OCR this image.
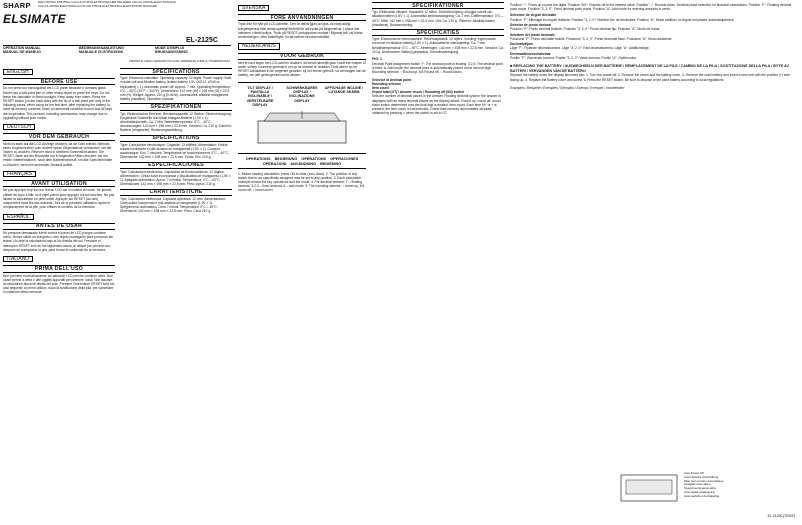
SHARP ELECTRONIC PRINTING CALCULATOR ELEKTRONISCHER RECHNER CALCULATRICE ELECTRONIQUE
CALCULADORA ELECTRÓNICA CALCOLATRICE ELETTRONICA ELEKTRONISK RÄKNARE
ELSIMATE
EL-2125C
OPERATION MANUAL	BEDIENUNGSANLEITUNG	MODE D'EMPLOI
MANUAL DE MANEJO	MANUALE DI ISTRUZIONI	BRUKSANVISNING
PRINTED IN CHINA / GEDRUCKT IN CHINA / IMPRIMÉ EN CHINE (1) TINSEB0000THZZ
ENGLISH
BEFORE USE

Do not press too hard against the LCD panel because it contains glass. Never use a ball-point pen or other sharp object to press the keys. Do not leave the calculator in direct sunlight. Keep away from water. Press the RESET switch (on the back side) with the tip of a ball-point pen only in the following cases: when using for the first time, after replacing the battery, to clear all memory contents, when an abnormal condition occurs and all keys are inoperative. This product, including accessories, may change due to upgrading without prior notice.

DEUTSCH
VOR DEM GEBRAUCH

Nicht zu stark auf die LCD-Anzeige drücken, da sie Glas enthält. Niemals einen Kugelschreiber oder andere spitze Gegenstände verwenden, um die Tasten zu drücken. Rechner nicht in direktem Sonnenlicht lassen. Die RESET-Taste auf der Rückseite nur in folgenden Fällen drücken: bei der ersten Inbetriebnahme, nach dem Batteriewechsel, um alle Speicherinhalte zu löschen, wenn ein anormaler Zustand auftritt.

FRANÇAIS
AVANT UTILISATION

Ne pas appuyer trop fort sur l'écran LCD car il contient du verre. Ne jamais utiliser de stylo à bille ou d'objet pointu pour appuyer sur les touches. Ne pas laisser la calculatrice en plein soleil. Appuyer sur RESET (au dos) uniquement dans les cas suivants : lors de la première utilisation, après le remplacement de la pile, pour effacer le contenu de la mémoire.

ESPAÑOL
ANTES DE USAR

No presione demasiado fuerte contra el panel de LCD porque contiene vidrio. Nunca utilice un bolígrafo u otro objeto puntiagudo para presionar las teclas. No deje la calculadora bajo la luz directa del sol. Presione el interruptor RESET sólo en los siguientes casos: al utilizar por primera vez, después de reemplazar la pila, para borrar el contenido de la memoria.

ITALIANO
PRIMA DELL'USO

Non premere eccessivamente sul pannello LCD perché contiene vetro. Non usare penne a sfera o altri oggetti appuntiti per premere i tasti. Non lasciare la calcolatrice alla luce diretta del sole. Premere l'interruttore RESET solo nei casi seguenti: al primo utilizzo, dopo la sostituzione della pila, per cancellare il contenuto della memoria.

SPECIFICATIONS

Type: Electronic calculator. Operating capacity: 12 digits. Power supply: Built-in solar cell and Alkaline battery (button battery 1.5V (AG12, LR43 or equivalent) × 1). Automatic power off: Approx. 7 min. Operating temperature: 0°C – 40°C (32°F – 104°F). Dimensions: 142 mm (W) × 198 mm (D) × 22.5 mm (H). Weight: Approx. 210 g (0.46 lb). Accessories: Alkaline manganese battery (installed), Operation manual.

SPEZIFIKATIONEN

Typ: Elektronischer Rechner. Rechenkapazität: 12 Stellen. Stromversorgung: Eingebaute Solarzelle und Alkali-Mangan-Batterie (1,5V × 1). Abschaltautomatik: Ca. 7 Min. Betriebstemperatur: 0°C – 40°C. Abmessungen: 142 mm × 198 mm × 22,5 mm. Gewicht: Ca. 210 g. Zubehör: Batterie (eingesetzt), Bedienungsanleitung.

SPÉCIFICATIONS

Type: Calculatrice électronique. Capacité: 12 chiffres. Alimentation: Cellule solaire incorporée et pile alcaline au manganèse (1,5V × 1). Coupure automatique: Env. 7 minutes. Température de fonctionnement: 0°C – 40°C. Dimensions: 142 mm × 198 mm × 22,5 mm. Poids: Env. 210 g.

ESPECIFICACIONES

Tipo: Calculadora electrónica. Capacidad de funcionamiento: 12 dígitos. Alimentación: Célula solar incorporada y pila alcalina de manganeso (1,5V × 1). Apagado automático: Aprox. 7 minutos. Temperatura: 0°C – 40°C. Dimensiones: 142 mm × 198 mm × 22,5 mm. Peso: Aprox. 210 g.

CARATTERISTICHE

Tipo: Calcolatrice elettronica. Capacità operativa: 12 cifre. Alimentazione: Cella solare incorporata e pila alcalina al manganese (1,5V × 1). Spegnimento automatico: Circa 7 minuti. Temperatura: 0°C – 40°C. Dimensioni: 142 mm × 198 mm × 22,5 mm. Peso: Circa 210 g.

SVENSKA
FÖRE ANVÄNDNINGEN

Tryck inte för hårt på LCD-panelen. Den är delvis gjord av glas. Använd aldrig kulspetspenna eller annat spetsigt föremål för att trycka på tangenterna. Lämna inte räknaren i direkt solljus. Tryck på RESET-omkopplaren endast i följande fall: vid första användningen, efter batteribyte, för att radera minnesinnehållet.

NEDERLANDS
VOOR GEBRUIK

Niet te hard tegen het LCD-scherm drukken, dit bevat namelijk glas. Nooit een balpen of ander scherp voorwerp gebruiken om op de toetsen te drukken. Druk alleen op de RESET-schakelaar in de volgende gevallen: bij het eerste gebruik, na vervangen van de batterij, om alle geheugeninhoud te wissen.

TILT DISPLAY / PANTALLA INCLINABLE / VERSTELBARE DISPLAY
SCHWENKBARES DISPLAY / INCLINAZIONE DISPLAY
AFFICHAGE INCLINÉ / LUTANDE SKÄRM
OPERATIONS BEDIENUNG OPÉRATIONS OPERACIONES
OPERAZIONI ANVÄNDNING BEDIENING
1. Before starting calculation, press ON to clear (zero clear). 2. The position of any switch that is not specifically assigned may be set to any position. 3. Each calculation example shows the key operations and the result. 4. For decimal selector: F – floating decimal, 3-2-0 – fixed decimal, A – add mode. 5. The rounding selector: ↑ round up, 5/4 round off, ↓ round down.
SPECIFIKATIONER

Typ: Elektronisk räknare. Kapacitet: 12 siffror. Strömförsörjning: Inbyggd solcell och alkaliskt batteri (1,5V × 1). Automatisk strömavstängning: Ca. 7 min. Drifttemperatur: 0°C – 40°C. Mått: 142 mm × 198 mm × 22,5 mm. Vikt: Ca. 210 g. Tillbehör: Alkaliskt batteri (installerat), Bruksanvisning.

SPECIFICATIES

Type: Elektronische rekenmachine. Rekencapaciteit: 12 cijfers. Voeding: Ingebouwde zonnecel en alkaline batterij (1,5V × 1). Automatische uitschakeling: Ca. 7 min. Bedrijfstemperatuur: 0°C – 40°C. Afmetingen: 142 mm × 198 mm × 22,5 mm. Gewicht: Ca. 210 g. Accessoires: Batterij (geplaatst), Gebruiksaanwijzing.

FIG. 1
Decimal Point assignment switch. F: The decimal point is floating. 3,2,0: The decimal point is fixed. A: Add mode; the decimal point is automatically placed at the second digit. Rounding selector: ↑ Round up, 5/4 Round off, ↓ Round down.
Selector of decimal point
Rounding selector
Item count
Grand total (GT) / Answer check / Rounding off (5/4) switch
Sets the number of decimal places in the answer. Floating decimal system: the answer is displayed with as many decimal places as the display allows. Round up, round off, round down switch determines how the final digit is treated. Item count: Each time M+ or + is pressed, the item count is incremented. Grand total memory accumulates all totals obtained by pressing = when the switch is set to GT.
Position "↑": Press up rounds the digits. Position "5/4": Rounds off to the nearest value. Position "↓": Rounds down. Decimal place selection for financial calculations. Position "F": Floating decimal point mode. Position "3, 2, 0": Fixed decimal point mode. Position "A": Add mode for entering amounts in cents.
Sélecteur de virgule décimale

Position "F": Affichage en virgule flottante. Position "3, 2, 0": Nombre fixe de décimales. Position "A": Mode addition; la virgule est placée automatiquement.

Selector de punto decimal

Posición "F": Punto decimal flotante. Posición "3, 2, 0": Punto decimal fijo. Posición "A": Modo de suma.

Selettore del punto decimale

Posizione "F": Punto decimale mobile. Posizione "3, 2, 0": Punto decimale fisso. Posizione "A": Modo addizione.

Decimalväljare

Läge "F": Flytande decimalkomma. Läge "3, 2, 0": Fast decimalkomma. Läge "A": Additionsläge.

Decimaalkeuzeschakelaar

Positie "F": Zwevende komma. Positie "3, 2, 0": Vaste komma. Positie "A": Optelmodus.

■ REPLACING THE BATTERY / AUSWECHSELN DER BATTERIE / REMPLACEMENT DE LA PILE / CAMBIO DE LA PILA / SOSTITUZIONE DELLA PILA / BYTE AV BATTERI / VERVANGEN VAN DE BATTERIJ
Replace the battery when the display becomes dim. 1. Turn the power off. 2. Remove the screw and the battery cover. 3. Remove the used battery and insert a new one with the positive (+) side facing up. 4. Replace the battery cover and screw. 5. Press the RESET switch. Be sure to dispose of the used battery according to local regulations.
Examples / Beispiele / Exemples / Ejemplos / Esempi / Exempel / Voorbeelden
Auto Power Off
Automatische Abschaltung
Mise hors tension automatique
Apagado automático
Spegnimento automatico
Automatisk avstängning
Automatische uitschakeling
EL-2125C(TINSZ)
